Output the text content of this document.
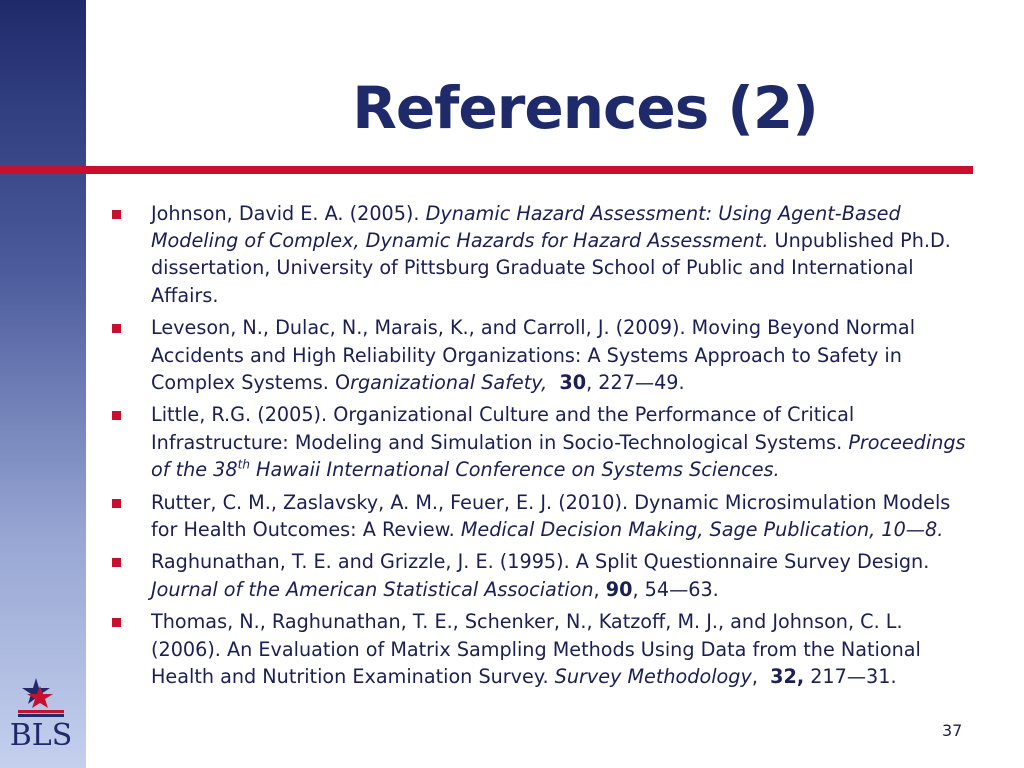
References (2)
Johnson, David E. A. (2005). Dynamic Hazard Assessment: Using Agent-Based Modeling of Complex, Dynamic Hazards for Hazard Assessment. Unpublished Ph.D. dissertation, University of Pittsburg Graduate School of Public and International Affairs.
Leveson, N., Dulac, N., Marais, K., and Carroll, J. (2009). Moving Beyond Normal Accidents and High Reliability Organizations: A Systems Approach to Safety in Complex Systems. Organizational Safety, 30, 227—49.
Little, R.G. (2005). Organizational Culture and the Performance of Critical Infrastructure: Modeling and Simulation in Socio-Technological Systems. Proceedings of the 38th Hawaii International Conference on Systems Sciences.
Rutter, C. M., Zaslavsky, A. M., Feuer, E. J. (2010). Dynamic Microsimulation Models for Health Outcomes: A Review. Medical Decision Making, Sage Publication, 10—8.
Raghunathan, T. E. and Grizzle, J. E. (1995). A Split Questionnaire Survey Design. Journal of the American Statistical Association, 90, 54—63.
Thomas, N., Raghunathan, T. E., Schenker, N., Katzoff, M. J., and Johnson, C. L. (2006). An Evaluation of Matrix Sampling Methods Using Data from the National Health and Nutrition Examination Survey. Survey Methodology,  32, 217—31.
BLS	37
